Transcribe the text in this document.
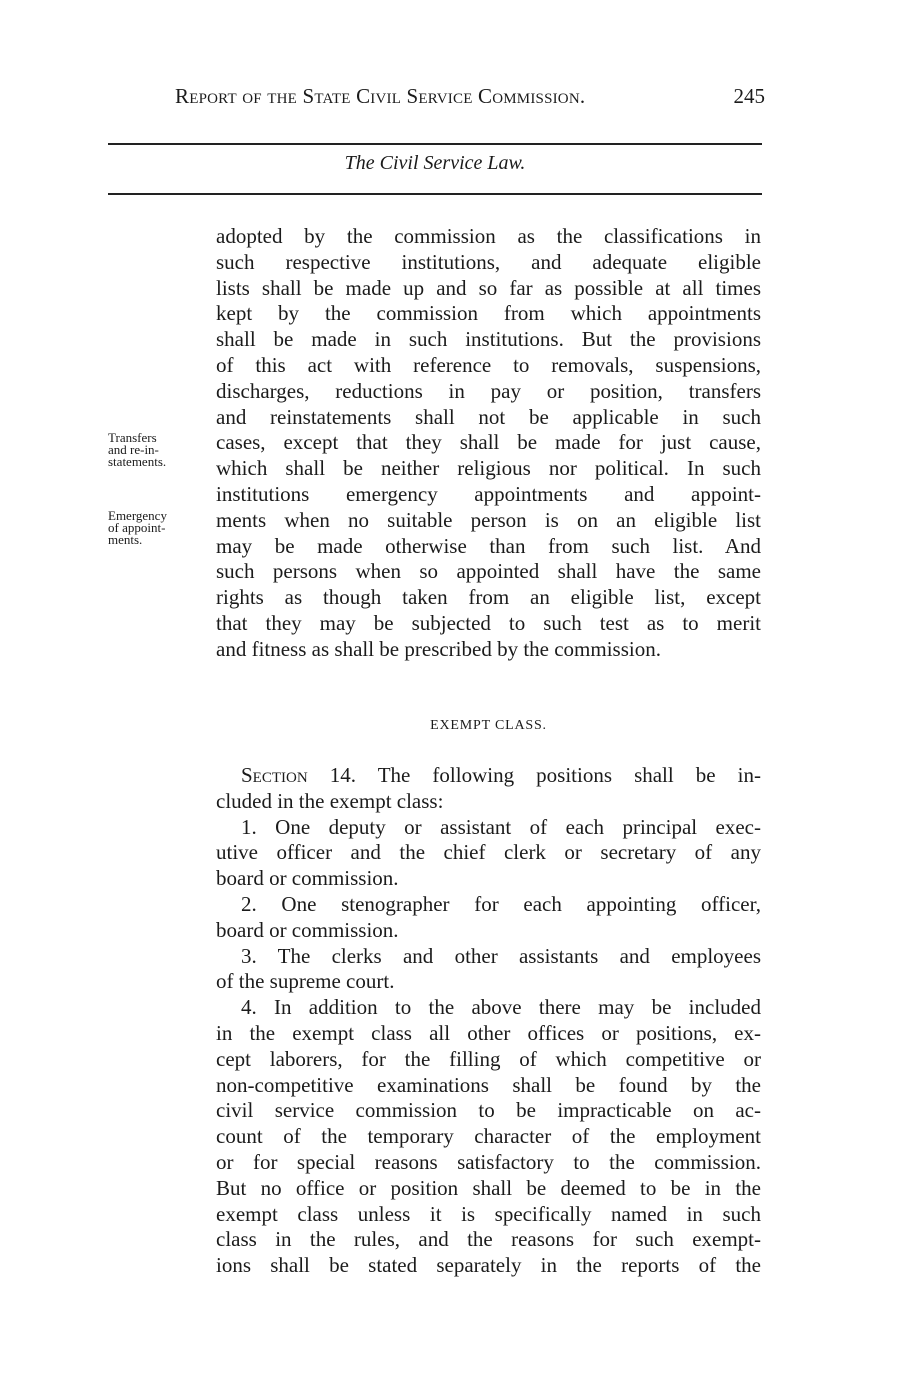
Report of the State Civil Service Commission.	245
The Civil Service Law.
Transfers
and re-in-
statements.
Emergency
of appoint-
ments.
adopted by the commission as the classifications in
such respective institutions, and adequate eligible
lists shall be made up and so far as possible at all times
kept by the commission from which appointments
shall be made in such institutions. But the provisions
of this act with reference to removals, suspensions,
discharges, reductions in pay or position, transfers
and reinstatements shall not be applicable in such
cases, except that they shall be made for just cause,
which shall be neither religious nor political. In such
institutions emergency appointments and appoint-
ments when no suitable person is on an eligible list
may be made otherwise than from such list. And
such persons when so appointed shall have the same
rights as though taken from an eligible list, except
that they may be subjected to such test as to merit
and fitness as shall be prescribed by the commission.
EXEMPT CLASS.
Section 14. The following positions shall be in-
cluded in the exempt class:
1. One deputy or assistant of each principal exec-
utive officer and the chief clerk or secretary of any
board or commission.
2. One stenographer for each appointing officer,
board or commission.
3. The clerks and other assistants and employees
of the supreme court.
4. In addition to the above there may be included
in the exempt class all other offices or positions, ex-
cept laborers, for the filling of which competitive or
non-competitive examinations shall be found by the
civil service commission to be impracticable on ac-
count of the temporary character of the employment
or for special reasons satisfactory to the commission.
But no office or position shall be deemed to be in the
exempt class unless it is specifically named in such
class in the rules, and the reasons for such exempt-
ions shall be stated separately in the reports of the
